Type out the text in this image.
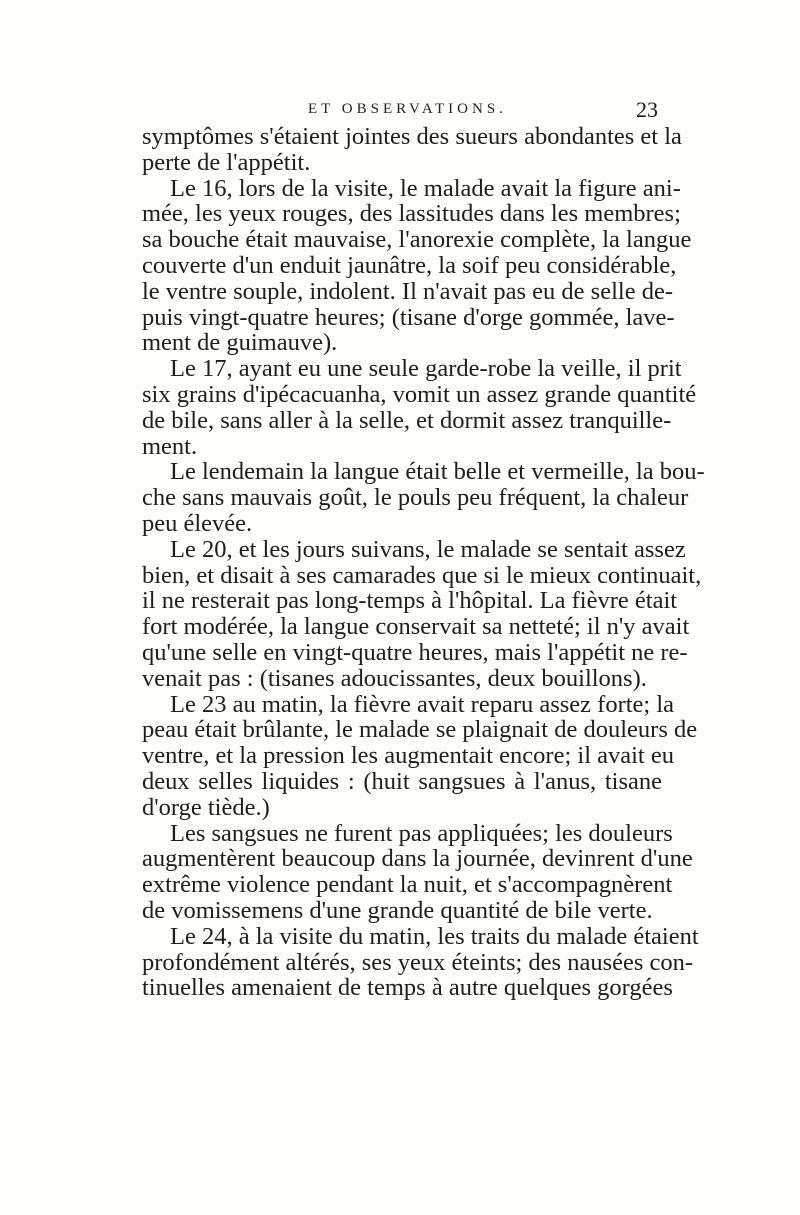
ET OBSERVATIONS.	23
symptômes s'étaient jointes des sueurs abondantes et la
perte de l'appétit.
Le 16, lors de la visite, le malade avait la figure ani-
mée, les yeux rouges, des lassitudes dans les membres;
sa bouche était mauvaise, l'anorexie complète, la langue
couverte d'un enduit jaunâtre, la soif peu considérable,
le ventre souple, indolent. Il n'avait pas eu de selle de-
puis vingt-quatre heures; (tisane d'orge gommée, lave-
ment de guimauve).
Le 17, ayant eu une seule garde-robe la veille, il prit
six grains d'ipécacuanha, vomit un assez grande quantité
de bile, sans aller à la selle, et dormit assez tranquille-
ment.
Le lendemain la langue était belle et vermeille, la bou-
che sans mauvais goût, le pouls peu fréquent, la chaleur
peu élevée.
Le 20, et les jours suivans, le malade se sentait assez
bien, et disait à ses camarades que si le mieux continuait,
il ne resterait pas long-temps à l'hôpital. La fièvre était
fort modérée, la langue conservait sa netteté; il n'y avait
qu'une selle en vingt-quatre heures, mais l'appétit ne re-
venait pas : (tisanes adoucissantes, deux bouillons).
Le 23 au matin, la fièvre avait reparu assez forte; la
peau était brûlante, le malade se plaignait de douleurs de
ventre, et la pression les augmentait encore; il avait eu
deux selles liquides : (huit sangsues à l'anus, tisane
d'orge tiède.)
Les sangsues ne furent pas appliquées; les douleurs
augmentèrent beaucoup dans la journée, devinrent d'une
extrême violence pendant la nuit, et s'accompagnèrent
de vomissemens d'une grande quantité de bile verte.
Le 24, à la visite du matin, les traits du malade étaient
profondément altérés, ses yeux éteints; des nausées con-
tinuelles amenaient de temps à autre quelques gorgées
